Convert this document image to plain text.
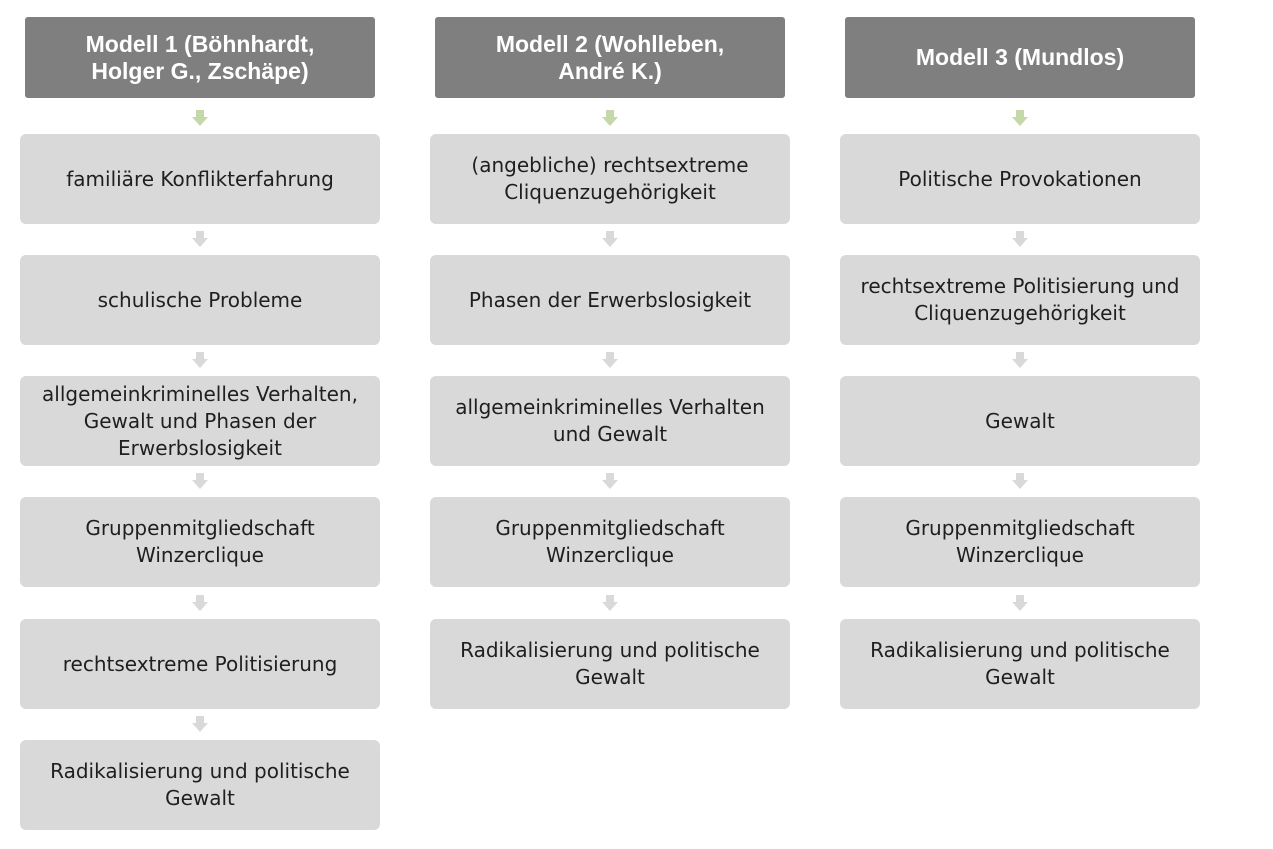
Modell 1 (Böhnhardt,
Holger G., Zschäpe)
familiäre Konflikterfahrung
schulische Probleme
allgemeinkriminelles Verhalten,
Gewalt und Phasen der
Erwerbslosigkeit
Gruppenmitgliedschaft
Winzerclique
rechtsextreme Politisierung
Radikalisierung und politische
Gewalt
Modell 2 (Wohlleben,
André K.)
(angebliche) rechtsextreme
Cliquenzugehörigkeit
Phasen der Erwerbslosigkeit
allgemeinkriminelles Verhalten
und Gewalt
Gruppenmitgliedschaft
Winzerclique
Radikalisierung und politische
Gewalt
Modell 3 (Mundlos)
Politische Provokationen
rechtsextreme Politisierung und
Cliquenzugehörigkeit
Gewalt
Gruppenmitgliedschaft
Winzerclique
Radikalisierung und politische
Gewalt
